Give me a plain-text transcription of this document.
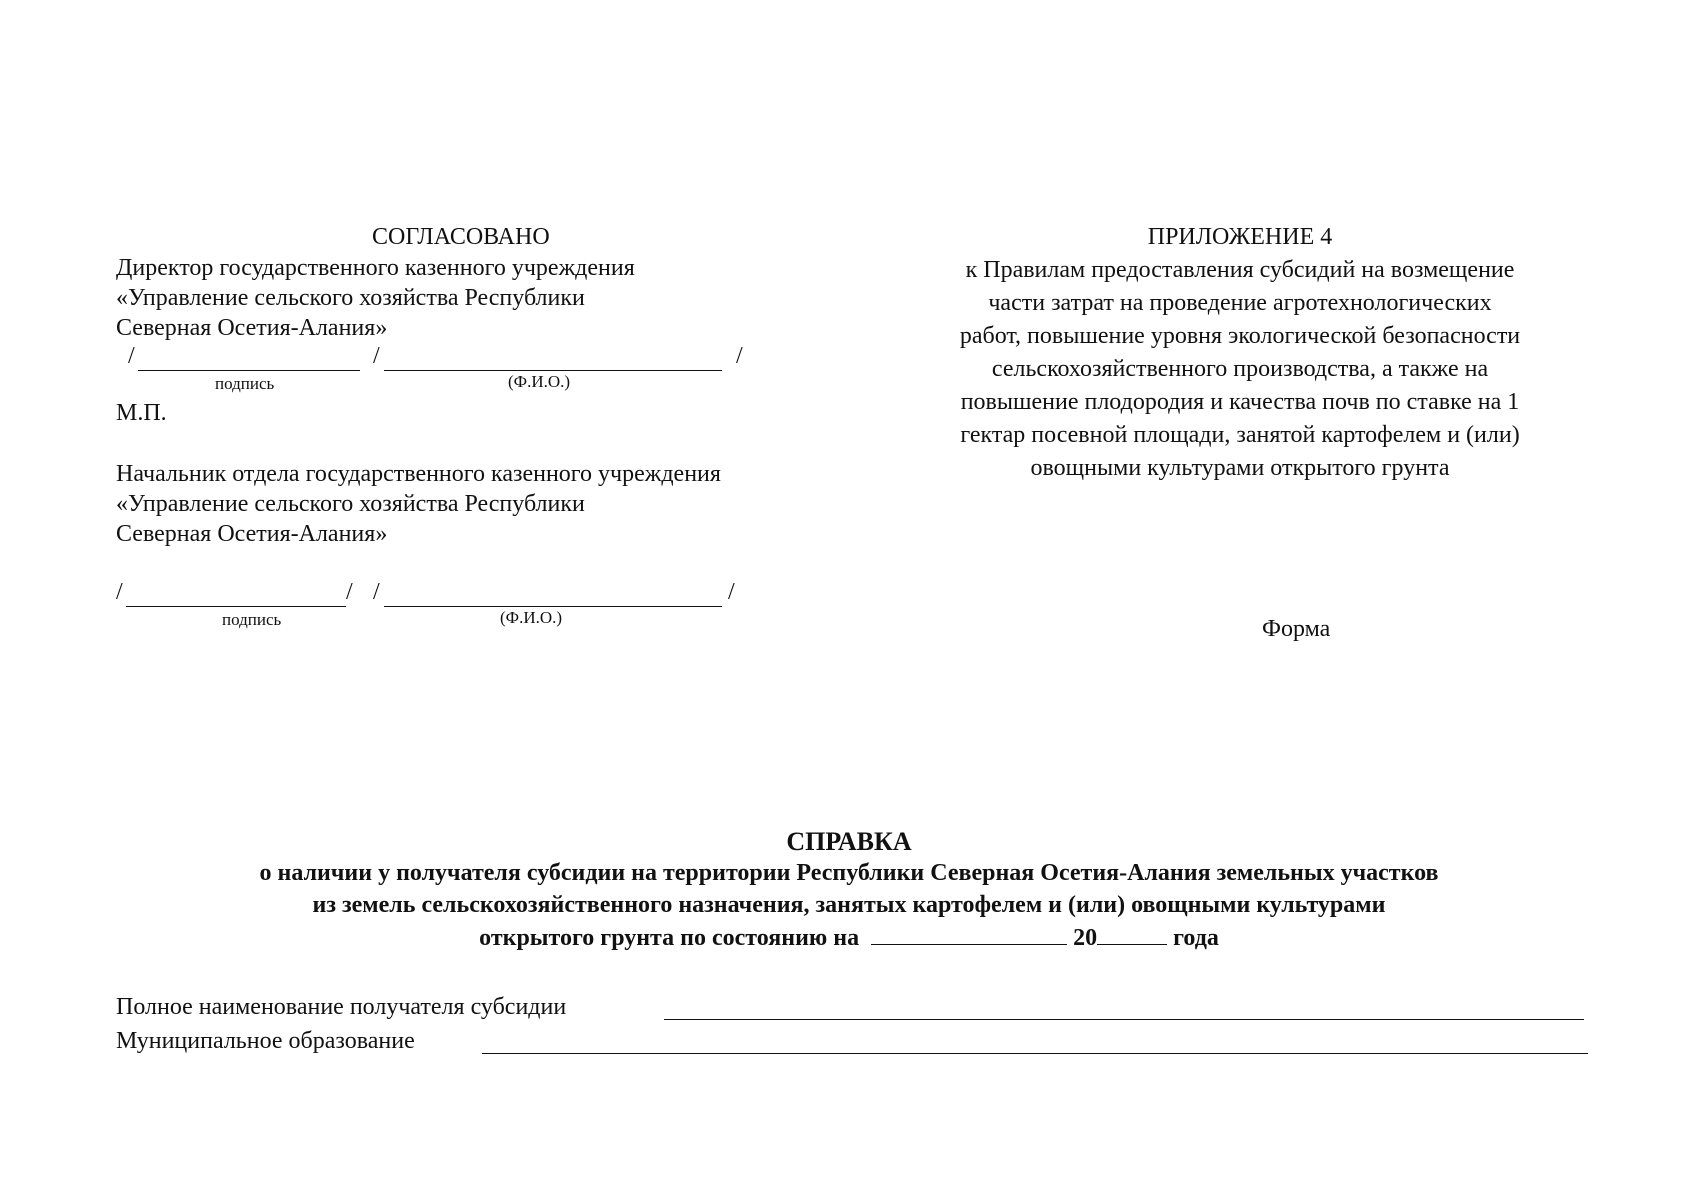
СОГЛАСОВАНО
Директор государственного казенного учреждения
«Управление сельского хозяйства Республики
Северная Осетия-Алания»
/	/	/
подпись	(Ф.И.О.)
М.П.
Начальник отдела государственного казенного учреждения
«Управление сельского хозяйства Республики
Северная Осетия-Алания»
/	/ /	/
подпись	(Ф.И.О.)
ПРИЛОЖЕНИЕ 4
к Правилам предоставления субсидий на возмещение
части затрат на проведение агротехнологических
работ, повышение уровня экологической безопасности
сельскохозяйственного производства, а также на
повышение плодородия и качества почв по ставке на 1
гектар посевной площади, занятой картофелем и (или)
овощными культурами открытого грунта
Форма
СПРАВКА
о наличии у получателя субсидии на территории Республики Северная Осетия-Алания земельных участков
из земель сельскохозяйственного назначения, занятых картофелем и (или) овощными культурами
открытого грунта по состоянию на	20	года
Полное наименование получателя субсидии
Муниципальное образование
